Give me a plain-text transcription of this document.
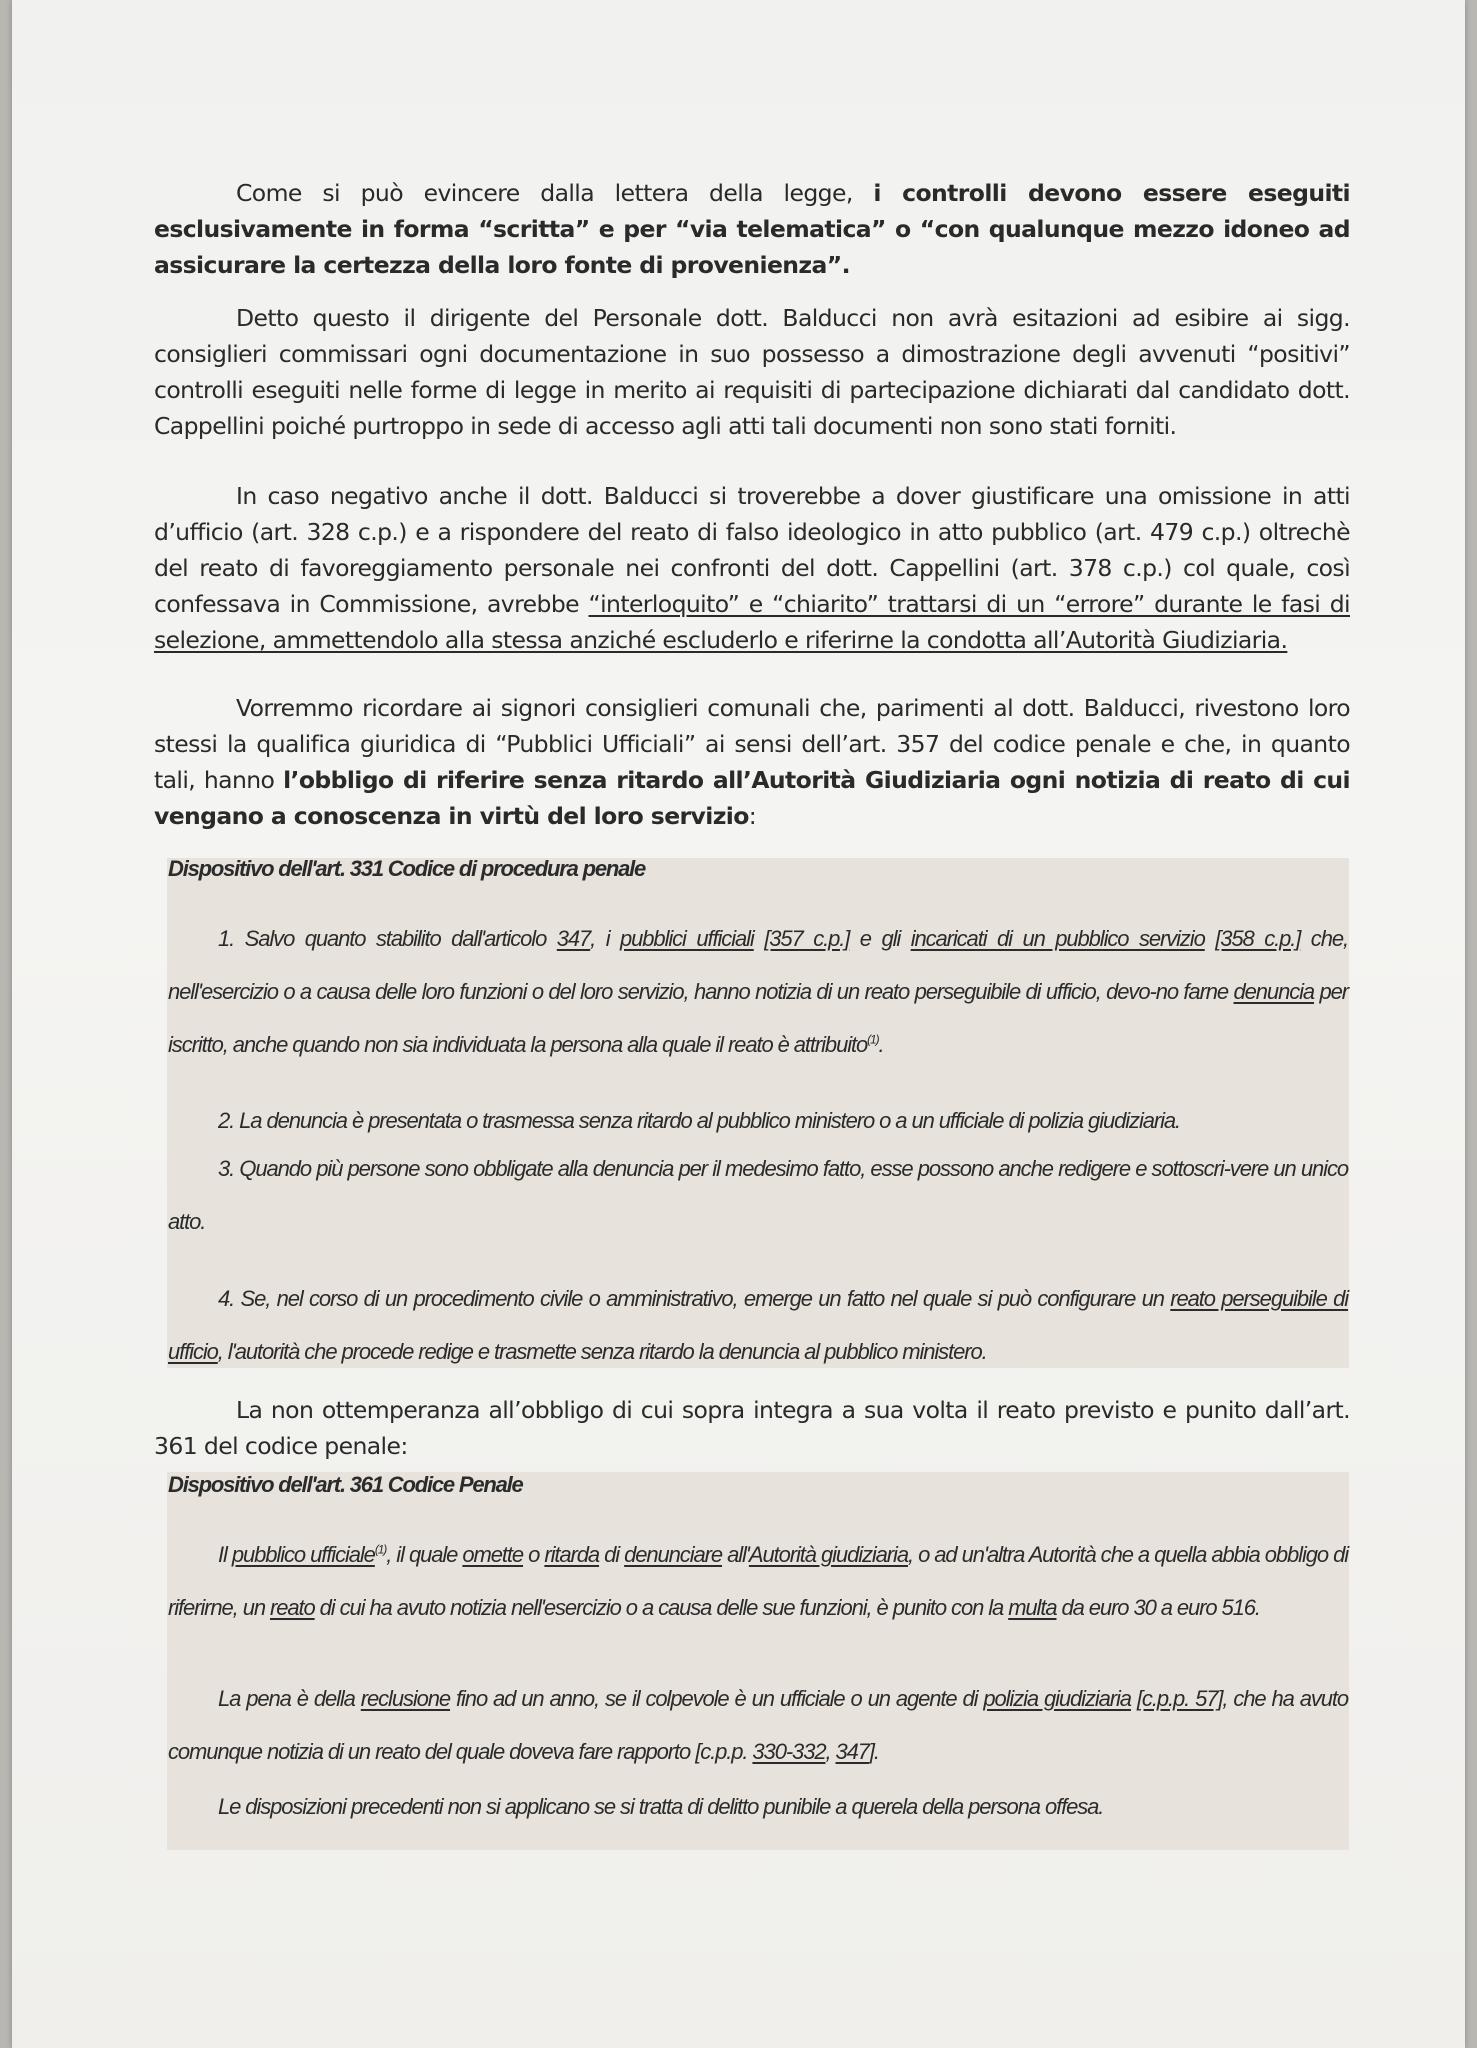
Come si può evincere dalla lettera della legge, i controlli devono essere eseguiti esclusivamente in forma “scritta” e per “via telematica” o “con qualunque mezzo idoneo ad assicurare la certezza della loro fonte di provenienza”.

Detto questo il dirigente del Personale dott. Balducci non avrà esitazioni ad esibire ai sigg. consiglieri commissari ogni documentazione in suo possesso a dimostrazione degli avvenuti “positivi” controlli eseguiti nelle forme di legge in merito ai requisiti di partecipazione dichiarati dal candidato dott. Cappellini poiché purtroppo in sede di accesso agli atti tali documenti non sono stati forniti.

In caso negativo anche il dott. Balducci si troverebbe a dover giustificare una omissione in atti d’ufficio (art. 328 c.p.) e a rispondere del reato di falso ideologico in atto pubblico (art. 479 c.p.) oltrechè del reato di favoreggiamento personale nei confronti del dott. Cappellini (art. 378 c.p.) col quale, così confessava in Commissione, avrebbe “interloquito” e “chiarito” trattarsi di un “errore” durante le fasi di selezione, ammettendolo alla stessa anziché escluderlo e riferirne la condotta all’Autorità Giudiziaria.

Vorremmo ricordare ai signori consiglieri comunali che, parimenti al dott. Balducci, rivestono loro stessi la qualifica giuridica di “Pubblici Ufficiali” ai sensi dell’art. 357 del codice penale e che, in quanto tali, hanno l’obbligo di riferire senza ritardo all’Autorità Giudiziaria ogni notizia di reato di cui vengano a conoscenza in virtù del loro servizio:

Dispositivo dell'art. 331 Codice di procedura penale

1. Salvo quanto stabilito dall'articolo 347, i pubblici ufficiali [357 c.p.] e gli incaricati di un pubblico servizio [358 c.p.] che, nell'esercizio o a causa delle loro funzioni o del loro servizio, hanno notizia di un reato perseguibile di ufficio, devo-no farne denuncia per iscritto, anche quando non sia individuata la persona alla quale il reato è attribuito$^{(1)}$.

2. La denuncia è presentata o trasmessa senza ritardo al pubblico ministero o a un ufficiale di polizia giudiziaria.

3. Quando più persone sono obbligate alla denuncia per il medesimo fatto, esse possono anche redigere e sottoscri-vere un unico atto.

4. Se, nel corso di un procedimento civile o amministrativo, emerge un fatto nel quale si può configurare un reato perseguibile di ufficio, l'autorità che procede redige e trasmette senza ritardo la denuncia al pubblico ministero.

La non ottemperanza all’obbligo di cui sopra integra a sua volta il reato previsto e punito dall’art. 361 del codice penale:

Dispositivo dell'art. 361 Codice Penale

Il pubblico ufficiale$^{(1)}$, il quale omette o ritarda di denunciare all'Autorità giudiziaria, o ad un'altra Autorità che a quella abbia obbligo di riferirne, un reato di cui ha avuto notizia nell'esercizio o a causa delle sue funzioni, è punito con la multa da euro 30 a euro 516.

La pena è della reclusione fino ad un anno, se il colpevole è un ufficiale o un agente di polizia giudiziaria [c.p.p. 57], che ha avuto comunque notizia di un reato del quale doveva fare rapporto [c.p.p. 330-332, 347].

Le disposizioni precedenti non si applicano se si tratta di delitto punibile a querela della persona offesa.
